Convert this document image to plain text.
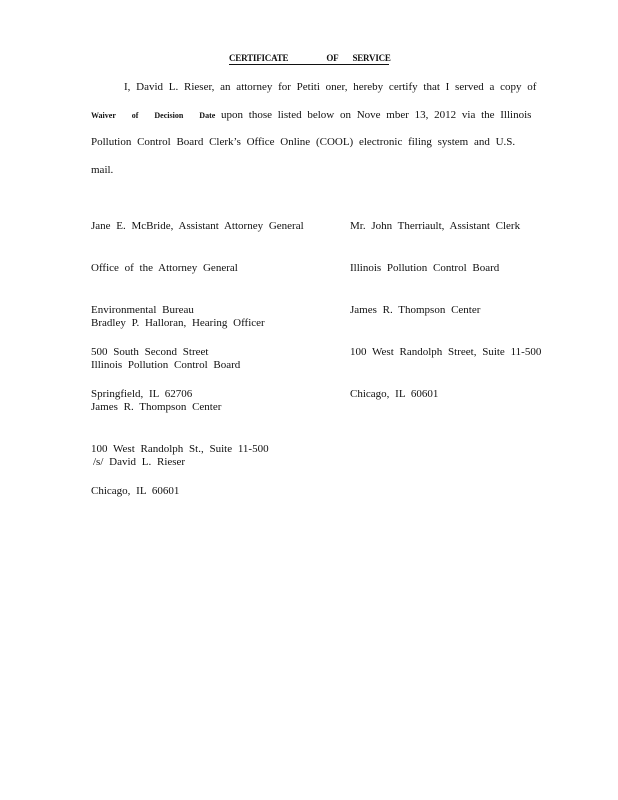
CERTIFICATE	OF SERVICE
I, David L. Rieser, an attorney for Petiti oner, hereby certify that I served a copy of
Waiver of Decision Date upon those listed below on Nove mber 13, 2012 via the Illinois
Pollution Control Board Clerk’s Office Online (COOL) electronic filing system and U.S.
mail.

Jane E. McBride, Assistant Attorney General

Office of the Attorney General

Environmental Bureau

500 South Second Street

Springfield, IL 62706

Mr. John Therriault, Assistant Clerk

Illinois Pollution Control Board

James R. Thompson Center

100 West Randolph Street, Suite 11-500

Chicago, IL 60601

Bradley P. Halloran, Hearing Officer

Illinois Pollution Control Board

James R. Thompson Center

100 West Randolph St., Suite 11-500

Chicago, IL 60601

/s/ David L. Rieser
